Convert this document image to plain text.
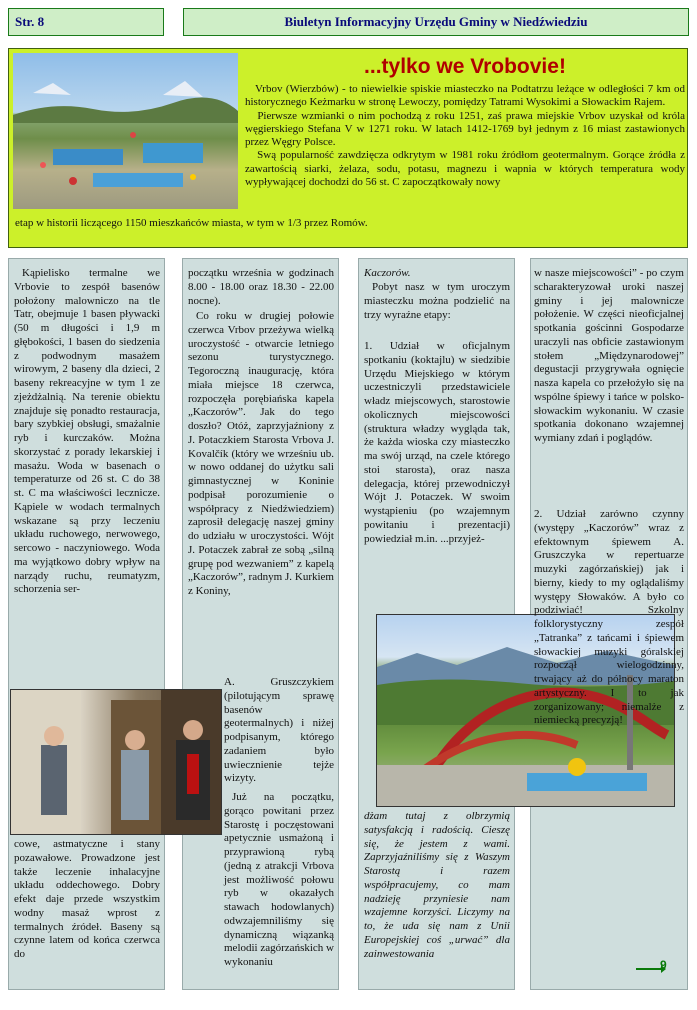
Str. 8	Biuletyn Informacyjny Urzędu Gminy w Niedźwiedziu
...tylko we Vrobovie!
Vrbov (Wierzbów) - to niewielkie spiskie miasteczko na Podtatrzu leżące w odległości 7 km od historycznego Keżmarku w stronę Lewoczy, pomiędzy Tatrami Wysokimi a Słowackim Rajem.
Pierwsze wzmianki o nim pochodzą z roku 1251, zaś prawa miejskie Vrbov uzyskał od króla węgierskiego Stefana V w 1271 roku. W latach 1412-1769 był jednym z 16 miast zastawionych przez Węgry Polsce.
Swą popularność zawdzięcza odkrytym w 1981 roku źródłom geotermalnym. Gorące źródła z zawartością siarki, żelaza, sodu, potasu, magnezu i wapnia w których temperatura wody wypływającej dochodzi do 56 st. C zapoczątkowały nowy
etap w historii liczącego 1150 mieszkańców miasta, w tym w 1/3 przez Romów.
Kąpielisko termalne we Vrbovie to zespół basenów położony malowniczo na tle Tatr, obejmuje 1 basen pływacki (50 m długości i 1,9 m głębokości, 1 basen do siedzenia z podwodnym masażem wirowym, 2 baseny dla dzieci, 2 baseny rekreacyjne w tym 1 ze zjeżdżalnią. Na terenie obiektu znajduje się ponadto restauracja, bary szybkiej obsługi, smażalnie ryb i kurczaków. Można skorzystać z porady lekarskiej i masażu. Woda w basenach o temperaturze od 26 st. C do 38 st. C ma właściwości lecznicze. Kąpiele w wodach termalnych wskazane są przy leczeniu układu ruchowego, nerwowego, sercowo - naczyniowego. Woda ma wyjątkowo dobry wpływ na narządy ruchu, reumatyzm, schorzenia ser-
cowe, astmatyczne i stany pozawałowe. Prowadzone jest także leczenie inhalacyjne układu oddechowego. Dobry efekt daje przede wszystkim wodny masaż wprost z termalnych źródeł. Baseny są czynne latem od końca czerwca do
początku września w godzinach 8.00 - 18.00 oraz 18.30 - 22.00 nocne).
Co roku w drugiej połowie czerwca Vrbov przeżywa wielką uroczystość - otwarcie letniego sezonu turystycznego. Tegoroczną inaugurację, która miała miejsce 18 czerwca, rozpoczęła porębiańska kapela „Kaczorów”. Jak do tego doszło? Otóż, zaprzyjaźniony z J. Potaczkiem Starosta Vrbova J. Kovalčík (który we wrześniu ub. w nowo oddanej do użytku sali gimnastycznej w Koninie podpisał porozumienie o współpracy z Niedźwiedziem) zaprosił delegację naszej gminy do udziału w uroczystości. Wójt J. Potaczek zabrał ze sobą „silną grupę pod wezwaniem” z kapelą „Kaczorów”, radnym J. Kurkiem z Koniny,
A. Gruszczykiem (pilotującym sprawę basenów geotermalnych) i niżej podpisanym, którego zadaniem było uwiecznienie tejże wizyty.
Już na początku, gorąco powitani przez Starostę i poczęstowani apetycznie usmażoną i przyprawioną rybą (jedną z atrakcji Vrbova jest możliwość połowu ryb w okazałych stawach hodowlanych) odwzajemniliśmy się dynamiczną wiązanką melodii zagórzańskich w wykonaniu
Kaczorów.
Pobyt nasz w tym uroczym miasteczku można podzielić na trzy wyraźne etapy:
1. Udział w oficjalnym spotkaniu (koktajlu) w siedzibie Urzędu Miejskiego w którym uczestniczyli przedstawiciele władz miejscowych, starostowie okolicznych miejscowości (struktura władzy wygląda tak, że każda wioska czy miasteczko ma swój urząd, na czele którego stoi starosta), oraz nasza delegacja, której przewodniczył Wójt J. Potaczek. W swoim wystąpieniu (po wzajemnym powitaniu i prezentacji) powiedział m.in. ...przyjeż-
dżam tutaj z olbrzymią satysfakcją i radością. Cieszę się, że jestem z wami. Zaprzyjaźniliśmy się z Waszym Starostą i razem współpracujemy, co mam nadzieję przyniesie nam wzajemne korzyści. Liczymy na to, że uda się nam z Unii Europejskiej coś „urwać” dla zainwestowania
w nasze miejscowości” - po czym scharakteryzował uroki naszej gminy i jej malownicze położenie. W części nieoficjalnej spotkania gościnni Gospodarze uraczyli nas obficie zastawionym stołem „Międzynarodowej” degustacji przygrywała ognięcie nasza kapela co przełożyło się na wspólne śpiewy i tańce w polsko-słowackim wykonaniu. W czasie spotkania dokonano wzajemnej wymiany zdań i poglądów.
2. Udział zarówno czynny (występy „Kaczorów” wraz z efektownym śpiewem A. Gruszczyka w repertuarze muzyki zagórzańskiej) jak i bierny, kiedy to my oglądaliśmy występy Słowaków. A było co podziwiać! Szkolny folklorystyczny zespół „Tatranka” z tańcami i śpiewem słowackiej muzyki góralskiej rozpoczął wielogodzinny, trwający aż do północy maraton artystyczny. I to jak zorganizowany; niemalże z niemiecką precyzją!
9
